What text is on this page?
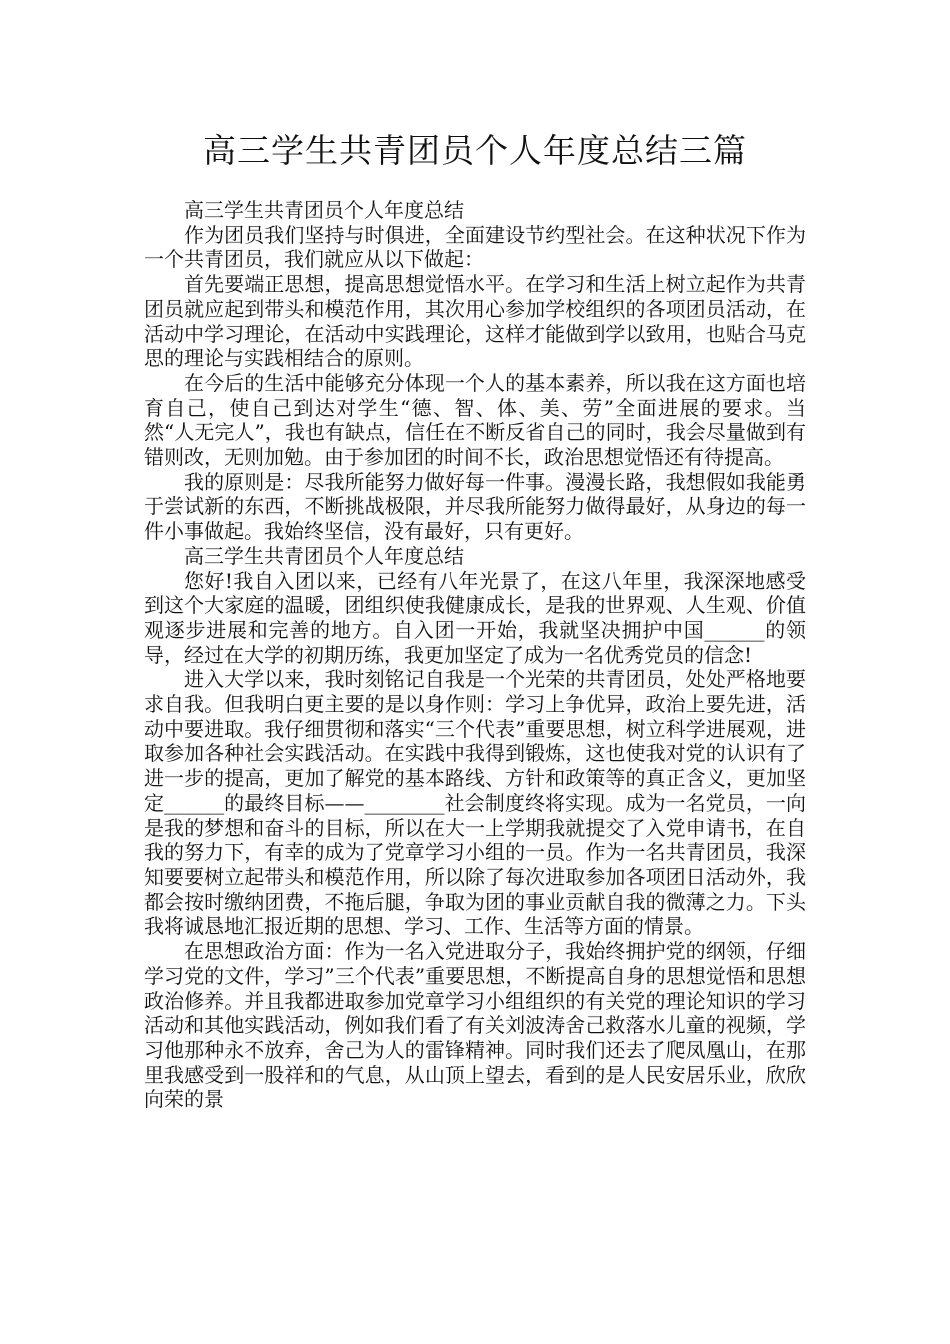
高三学生共青团员个人年度总结三篇

高三学生共青团员个人年度总结

作为团员我们坚持与时俱进，全面建设节约型社会。在这种状况下作为一个共青团员，我们就应从以下做起：

首先要端正思想，提高思想觉悟水平。在学习和生活上树立起作为共青团员就应起到带头和模范作用，其次用心参加学校组织的各项团员活动，在活动中学习理论，在活动中实践理论，这样才能做到学以致用，也贴合马克思的理论与实践相结合的原则。

在今后的生活中能够充分体现一个人的基本素养，所以我在这方面也培育自己，使自己到达对学生“德、智、体、美、劳”全面进展的要求。当然“人无完人”，我也有缺点，信任在不断反省自己的同时，我会尽量做到有错则改，无则加勉。由于参加团的时间不长，政治思想觉悟还有待提高。

我的原则是：尽我所能努力做好每一件事。漫漫长路，我想假如我能勇于尝试新的东西，不断挑战极限，并尽我所能努力做得最好，从身边的每一件小事做起。我始终坚信，没有最好，只有更好。

高三学生共青团员个人年度总结

您好!我自入团以来，已经有八年光景了，在这八年里，我深深地感受到这个大家庭的温暖，团组织使我健康成长，是我的世界观、人生观、价值观逐步进展和完善的地方。自入团一开始，我就坚决拥护中国______的领导，经过在大学的初期历练，我更加坚定了成为一名优秀党员的信念!

进入大学以来，我时刻铭记自我是一个光荣的共青团员，处处严格地要求自我。但我明白更主要的是以身作则：学习上争优异，政治上要先进，活动中要进取。我仔细贯彻和落实“三个代表”重要思想，树立科学进展观，进取参加各种社会实践活动。在实践中我得到锻炼，这也使我对党的认识有了进一步的提高，更加了解党的基本路线、方针和政策等的真正含义，更加坚定______的最终目标——________社会制度终将实现。成为一名党员，一向是我的梦想和奋斗的目标，所以在大一上学期我就提交了入党申请书，在自我的努力下，有幸的成为了党章学习小组的一员。作为一名共青团员，我深知要要树立起带头和模范作用，所以除了每次进取参加各项团日活动外，我都会按时缴纳团费，不拖后腿，争取为团的事业贡献自我的微薄之力。下头我将诚恳地汇报近期的思想、学习、工作、生活等方面的情景。

在思想政治方面：作为一名入党进取分子，我始终拥护党的纲领，仔细学习党的文件，学习”三个代表”重要思想，不断提高自身的思想觉悟和思想政治修养。并且我都进取参加党章学习小组组织的有关党的理论知识的学习活动和其他实践活动，例如我们看了有关刘波涛舍己救落水儿童的视频，学习他那种永不放弃，舍己为人的雷锋精神。同时我们还去了爬凤凰山，在那里我感受到一股祥和的气息，从山顶上望去，看到的是人民安居乐业，欣欣向荣的景
